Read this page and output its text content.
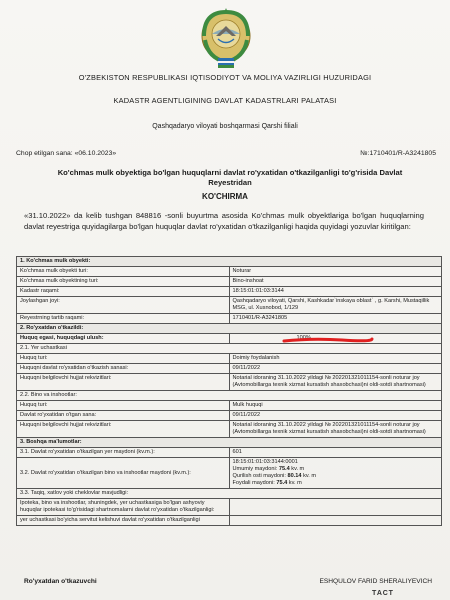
O'ZBEKISTON RESPUBLIKASI IQTISODIYOT VA MOLIYA VAZIRLIGI HUZURIDAGI
KADASTR AGENTLIGINING DAVLAT KADASTRLARI PALATASI
Qashqadaryo viloyati boshqarmasi Qarshi filiali
Chop etilgan sana: «06.10.2023»	№:1710401/R-A3241805
Ko'chmas mulk obyektiga bo'lgan huquqlarni davlat ro'yxatidan o'tkazilganligi to'g'risida Davlat Reyestridan
KO'CHIRMA
«31.10.2022» da kelib tushgan 848816 -sonli buyurtma asosida Ko'chmas mulk obyektlariga bo'lgan huquqlarning davlat reyestriga quyidagilarga bo'lgan huquqlar davlat ro'yxatidan o'tkazilganligi haqida quyidagi yozuvlar kiritilgan:
1. Ko'chmas mulk obyekti:	
Ko'chmas mulk obyekti turi:	Noturar
Ko'chmas mulk obyektining turi:	Bino-inshoat
Kadastr raqami:	18:15:01:01:03:3144
Joylashgan joyi:	Qashqadaryo viloyati, Qarshi, Kashkadar`inskaya oblast` , g. Karshi, Mustaqillik MSG, ul. Xusnobod, 1/129
Reyestrning tartib raqami:	1710401/R-A3241805
2. Ro'yxatdan o'tkazildi:	
Huquq egasi, huquqdagi ulush:	100%
2.1. Yer uchastkasi	
Huquq turi:	Doimiy foydalanish
Huquqni davlat ro'yxatidan o'tkazish sanasi:	09/11/2022
Huquqni belgilovchi hujjat rekvizitlari:	Notarial idoraning 31.10.2022 yildagi № 202201321011154-sonli noturar joy (Avtomobillarga texnik xizmat kursatish shaxobchasi)ni oldi-sotdi shartnomasi)
2.2. Bino va inshootlar:	
Huquq turi:	Mulk huquqi
Davlat ro'yxatidan o'tgan sana:	09/11/2022
Huquqni belgilovchi hujjat rekvizitlari:	Notarial idoraning 31.10.2022 yildagi № 202201321011154-sonli noturar joy (Avtomobillarga texnik xizmat kursatish shaxobchasi)ni oldi-sotdi shartnomasi)
3. Boshqa ma'lumotlar:	
3.1. Davlat ro'yxatidan o'tkazilgan yer maydoni (kv.m.):	601
3.2. Davlat ro'yxatidan o'tkazilgan bino va inshootlar maydoni (kv.m.):	18:15:01:01:03:3144:0001
Umumiy maydoni: 75.4 kv. m
Qurilish osti maydoni: 80.14 kv. m
Foydali maydoni: 75.4 kv. m

3.3. Taqiq, xatlov yoki cheklovlar mavjudligi:	
Ipoteka, bino va inshootlar, shuningdek, yer uchastkasiga bo'lgan ashyoviy huquqlar ipotekasi to'g'risidagi shartnomalarni davlat ro'yxatidan o'tkazilganligi:	
yer uchastkasi bo'yicha servitut kelishuvi davlat ro'yxatidan o'tkazilganligi	
Ro'yxatdan o'tkazuvchi	ESHQULOV FARID SHERALIYEVICH
ТАСТ
